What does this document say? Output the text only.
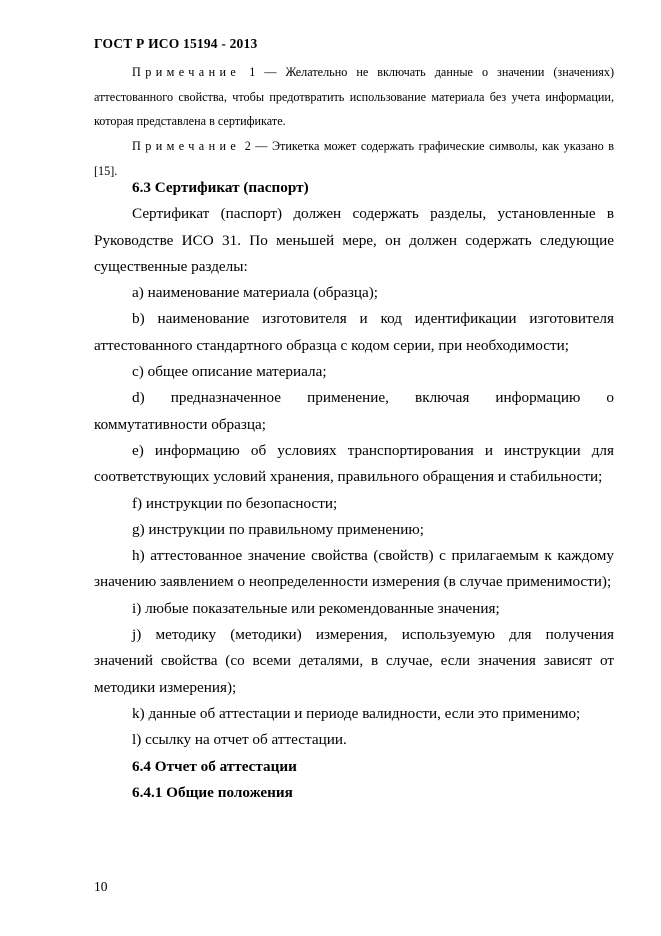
ГОСТ Р ИСО 15194 - 2013

Примечание 1 — Желательно не включать данные о значении (значениях) аттестованного свойства, чтобы предотвратить использование материала без учета информации, которая представлена в сертификате.

Примечание 2 — Этикетка может содержать графические символы, как указано в [15].

6.3 Сертификат (паспорт)

Сертификат (паспорт) должен содержать разделы, установленные в Руководстве ИСО 31. По меньшей мере, он должен содержать следующие существенные разделы:

а) наименование материала (образца);

b) наименование изготовителя и код идентификации изготовителя аттестованного стандартного образца с кодом серии, при необходимости;

c) общее описание материала;

d) предназначенное применение, включая информацию о коммутативности образца;

e) информацию об условиях транспортирования и инструкции для соответствующих условий хранения, правильного обращения и стабильности;

f) инструкции по безопасности;

g) инструкции по правильному применению;

h) аттестованное значение свойства (свойств) с прилагаемым к каждому значению заявлением о неопределенности измерения (в случае применимости);

i) любые показательные или рекомендованные значения;

j) методику (методики) измерения, используемую для получения значений свойства (со всеми деталями, в случае, если значения зависят от методики измерения);

k) данные об аттестации и периоде валидности, если это применимо;

l) ссылку на отчет об аттестации.

6.4 Отчет об аттестации
6.4.1 Общие положения
10
